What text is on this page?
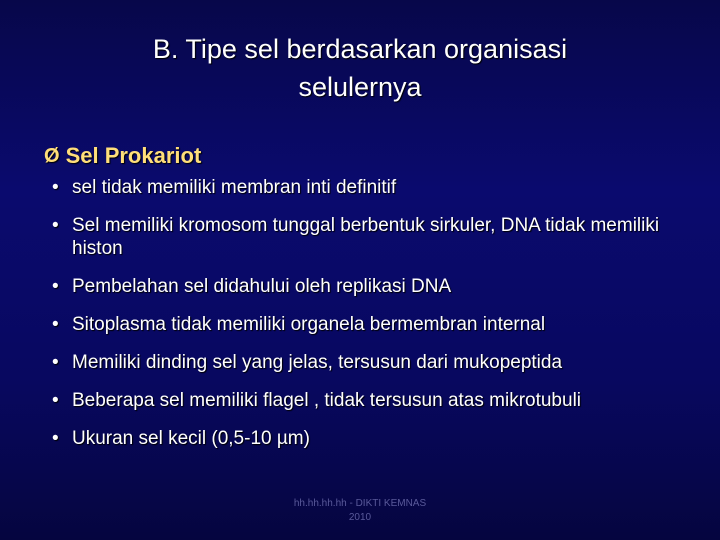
B. Tipe sel berdasarkan organisasi
selulernya
Ø Sel Prokariot
• sel tidak memiliki membran inti definitif
• Sel memiliki kromosom tunggal berbentuk sirkuler, DNA tidak memiliki histon
• Pembelahan sel didahului oleh replikasi DNA
• Sitoplasma tidak memiliki organela bermembran internal
• Memiliki dinding sel yang jelas, tersusun dari mukopeptida
• Beberapa sel memiliki flagel , tidak tersusun atas mikrotubuli
• Ukuran sel kecil (0,5-10 µm)
hh.hh.hh.hh - DIKTI KEMNAS
2010
